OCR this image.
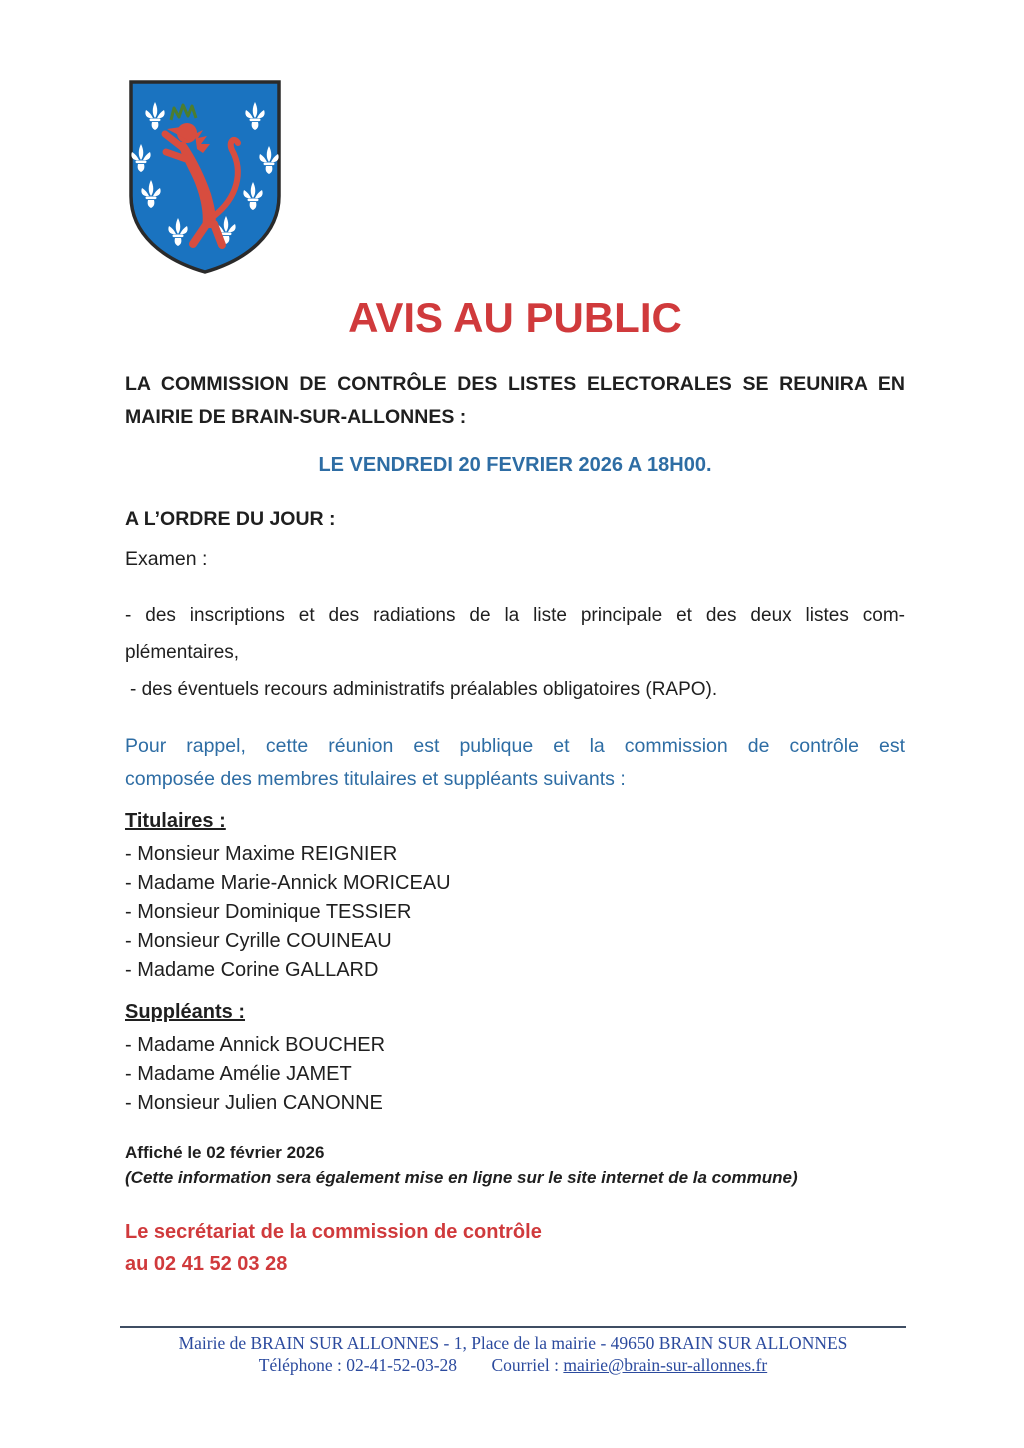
AVIS AU PUBLIC
LA COMMISSION DE CONTRÔLE DES LISTES ELECTORALES SE REUNIRA EN
MAIRIE DE BRAIN-SUR-ALLONNES :
LE VENDREDI 20 FEVRIER 2026 A 18H00.
A L’ORDRE DU JOUR :
Examen :
- des inscriptions et des radiations de la liste principale et des deux listes com-
plémentaires,
- des éventuels recours administratifs préalables obligatoires (RAPO).
Pour rappel, cette réunion est publique et la commission de contrôle est
composée des membres titulaires et suppléants suivants :
Titulaires :
- Monsieur Maxime REIGNIER
- Madame Marie-Annick MORICEAU
- Monsieur Dominique TESSIER
- Monsieur Cyrille COUINEAU
- Madame Corine GALLARD
Suppléants :
- Madame Annick BOUCHER
- Madame Amélie JAMET
- Monsieur Julien CANONNE
Affiché le 02 février 2026
(Cette information sera également mise en ligne sur le site internet de la commune)
Le secrétariat de la commission de contrôle
au 02 41 52 03 28
Mairie de BRAIN SUR ALLONNES - 1, Place de la mairie - 49650 BRAIN SUR ALLONNES
Téléphone : 02-41-52-03-28 Courriel : mairie@brain-sur-allonnes.fr
